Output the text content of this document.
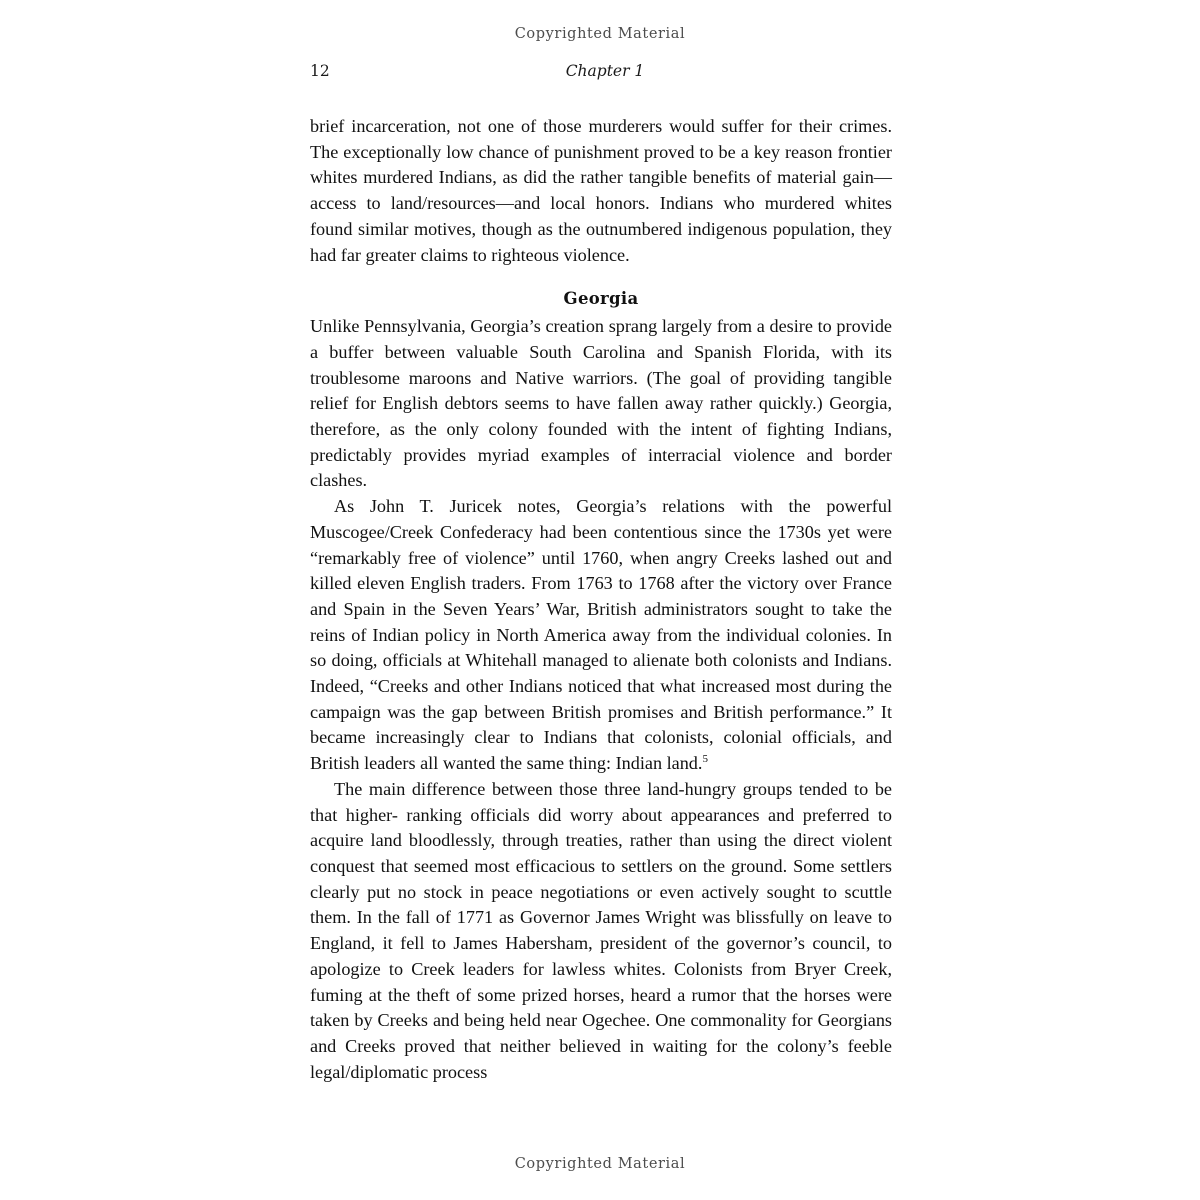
Copyrighted Material
12	Chapter 1

brief incarceration, not one of those murderers would suffer for their crimes. The exceptionally low chance of punishment proved to be a key reason frontier whites murdered Indians, as did the rather tangible benefits of material gain—access to land/resources—and local honors. Indians who murdered whites found similar motives, though as the outnumbered indigenous population, they had far greater claims to righteous violence.

Georgia

Unlike Pennsylvania, Georgia’s creation sprang largely from a desire to provide a buffer between valuable South Carolina and Spanish Florida, with its troublesome maroons and Native warriors. (The goal of providing tangible relief for English debtors seems to have fallen away rather quickly.) Georgia, therefore, as the only colony founded with the intent of fighting Indians, predictably provides myriad examples of interracial violence and border clashes.

As John T. Juricek notes, Georgia’s relations with the powerful Muscogee/Creek Confederacy had been contentious since the 1730s yet were “remarkably free of violence” until 1760, when angry Creeks lashed out and killed eleven English traders. From 1763 to 1768 after the victory over France and Spain in the Seven Years’ War, British administrators sought to take the reins of Indian policy in North America away from the individual colonies. In so doing, officials at Whitehall managed to alienate both colonists and Indians. Indeed, “Creeks and other Indians noticed that what increased most during the campaign was the gap between British promises and British performance.” It became increasingly clear to Indians that colonists, colonial officials, and British leaders all wanted the same thing: Indian land.$^5$

The main difference between those three land-hungry groups tended to be that higher- ranking officials did worry about appearances and preferred to acquire land bloodlessly, through treaties, rather than using the direct violent conquest that seemed most efficacious to settlers on the ground. Some settlers clearly put no stock in peace negotiations or even actively sought to scuttle them. In the fall of 1771 as Governor James Wright was blissfully on leave to England, it fell to James Habersham, president of the governor’s council, to apologize to Creek leaders for lawless whites. Colonists from Bryer Creek, fuming at the theft of some prized horses, heard a rumor that the horses were taken by Creeks and being held near Ogechee. One commonality for Georgians and Creeks proved that neither believed in waiting for the colony’s feeble legal/diplomatic process

Copyrighted Material
